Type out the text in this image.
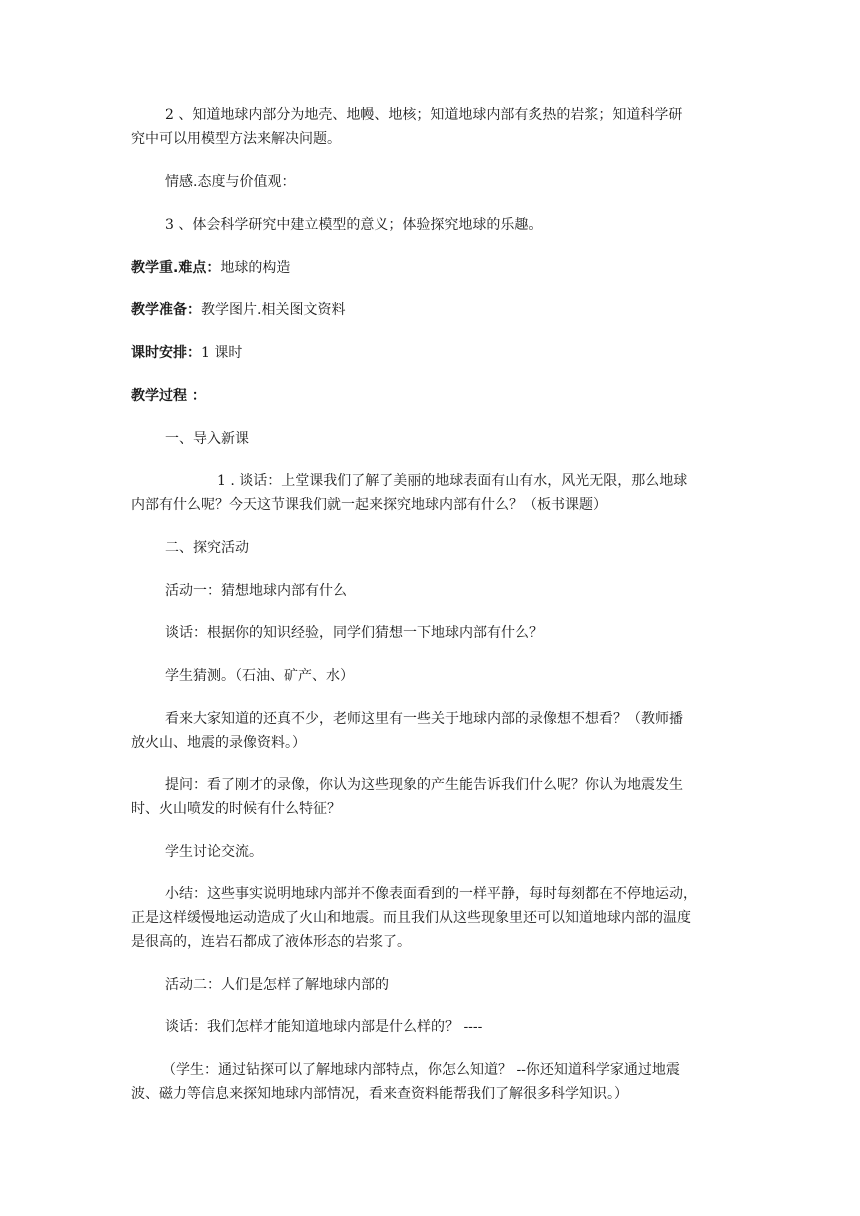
2 、知道地球内部分为地壳、地幔、地核；知道地球内部有炙热的岩浆；知道科学研

究中可以用模型方法来解决问题。

情感.态度与价值观：

3 、体会科学研究中建立模型的意义；体验探究地球的乐趣。

教学重.难点：地球的构造

教学准备：教学图片.相关图文资料

课时安排：1 课时

教学过程 ：

一、导入新课

1 . 谈话：上堂课我们了解了美丽的地球表面有山有水，风光无限，那么地球

内部有什么呢？今天这节课我们就一起来探究地球内部有什么？（板书课题）

二、探究活动

活动一：猜想地球内部有什么

谈话：根据你的知识经验，同学们猜想一下地球内部有什么？

学生猜测。（石油、矿产、水）

看来大家知道的还真不少，老师这里有一些关于地球内部的录像想不想看？（教师播

放火山、地震的录像资料。）

提问：看了刚才的录像，你认为这些现象的产生能告诉我们什么呢？你认为地震发生

时、火山喷发的时候有什么特征？

学生讨论交流。

小结：这些事实说明地球内部并不像表面看到的一样平静，每时每刻都在不停地运动，

正是这样缓慢地运动造成了火山和地震。而且我们从这些现象里还可以知道地球内部的温度

是很高的，连岩石都成了液体形态的岩浆了。

活动二：人们是怎样了解地球内部的

谈话：我们怎样才能知道地球内部是什么样的？ ----

（学生：通过钻探可以了解地球内部特点，你怎么知道？ --你还知道科学家通过地震

波、磁力等信息来探知地球内部情况，看来查资料能帮我们了解很多科学知识。）
